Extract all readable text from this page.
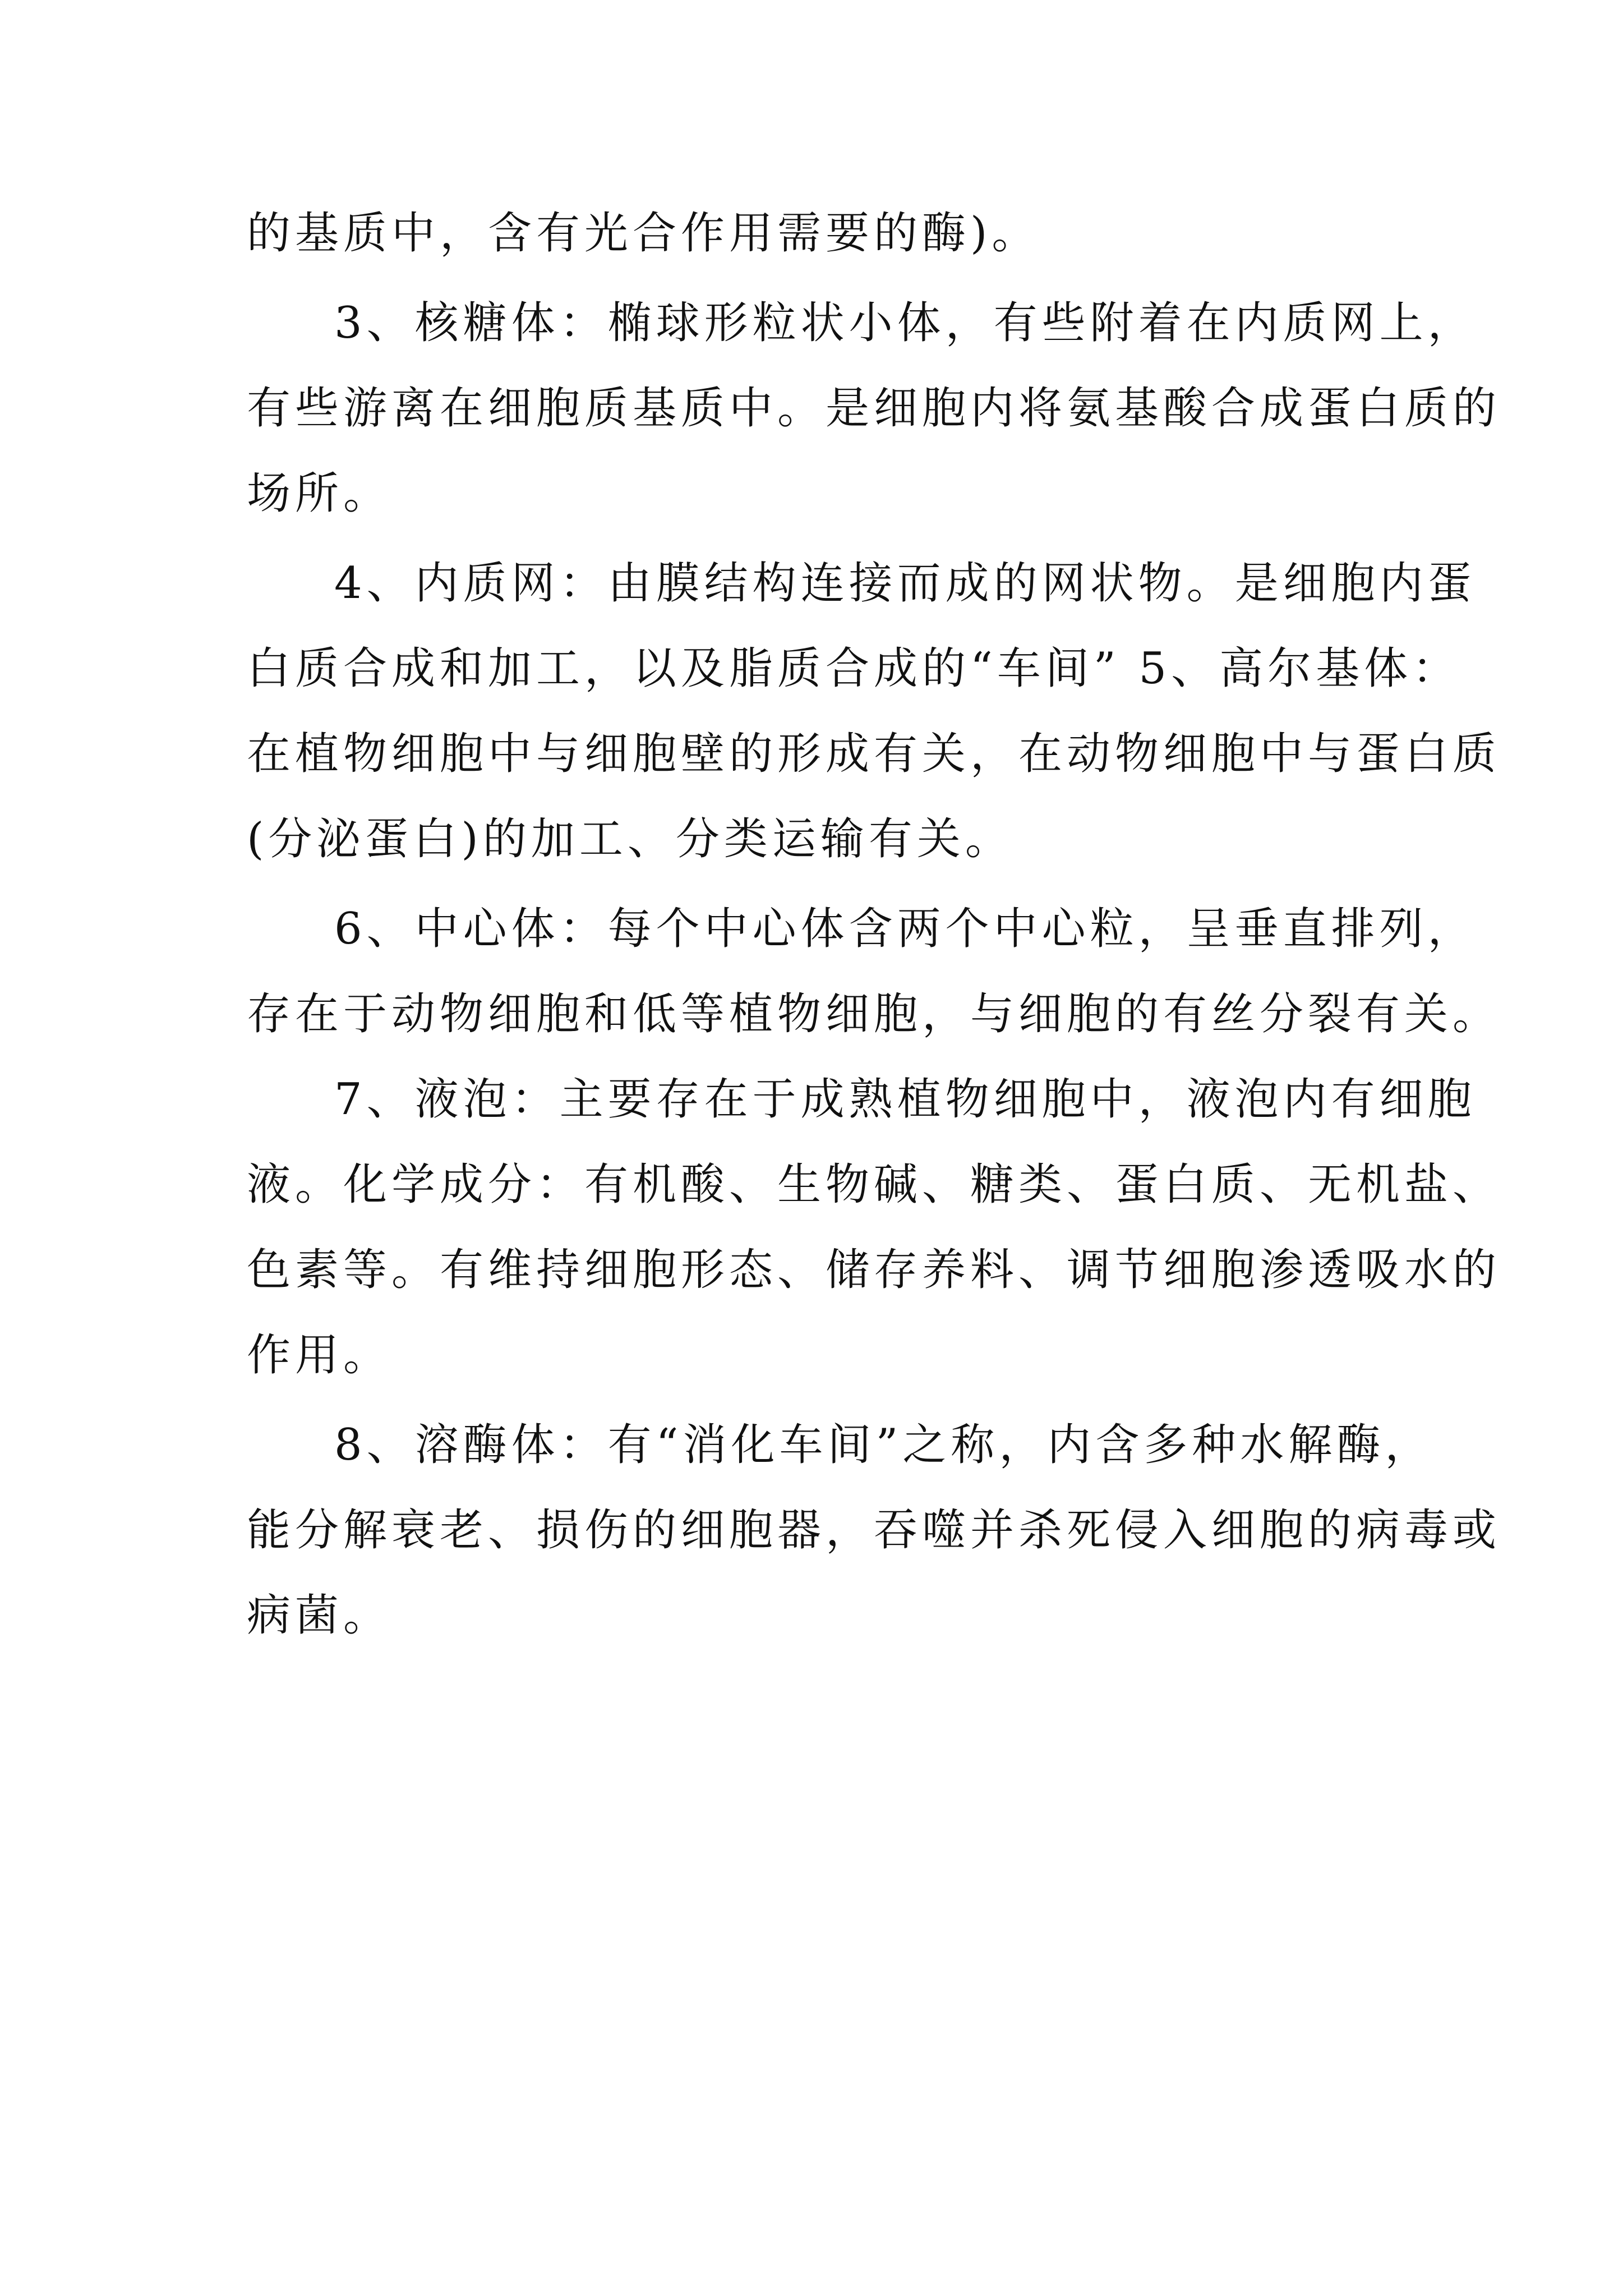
的基质中，含有光合作用需要的酶)。
3、核糖体：椭球形粒状小体，有些附着在内质网上，
有些游离在细胞质基质中。是细胞内将氨基酸合成蛋白质的
场所。
4、内质网：由膜结构连接而成的网状物。是细胞内蛋
白质合成和加工，以及脂质合成的“车间” 5、高尔基体：
在植物细胞中与细胞壁的形成有关，在动物细胞中与蛋白质
(分泌蛋白)的加工、分类运输有关。
6、中心体：每个中心体含两个中心粒，呈垂直排列，
存在于动物细胞和低等植物细胞，与细胞的有丝分裂有关。
7、液泡：主要存在于成熟植物细胞中，液泡内有细胞
液。化学成分：有机酸、生物碱、糖类、蛋白质、无机盐、
色素等。有维持细胞形态、储存养料、调节细胞渗透吸水的
作用。
8、溶酶体：有“消化车间”之称，内含多种水解酶，
能分解衰老、损伤的细胞器，吞噬并杀死侵入细胞的病毒或
病菌。
